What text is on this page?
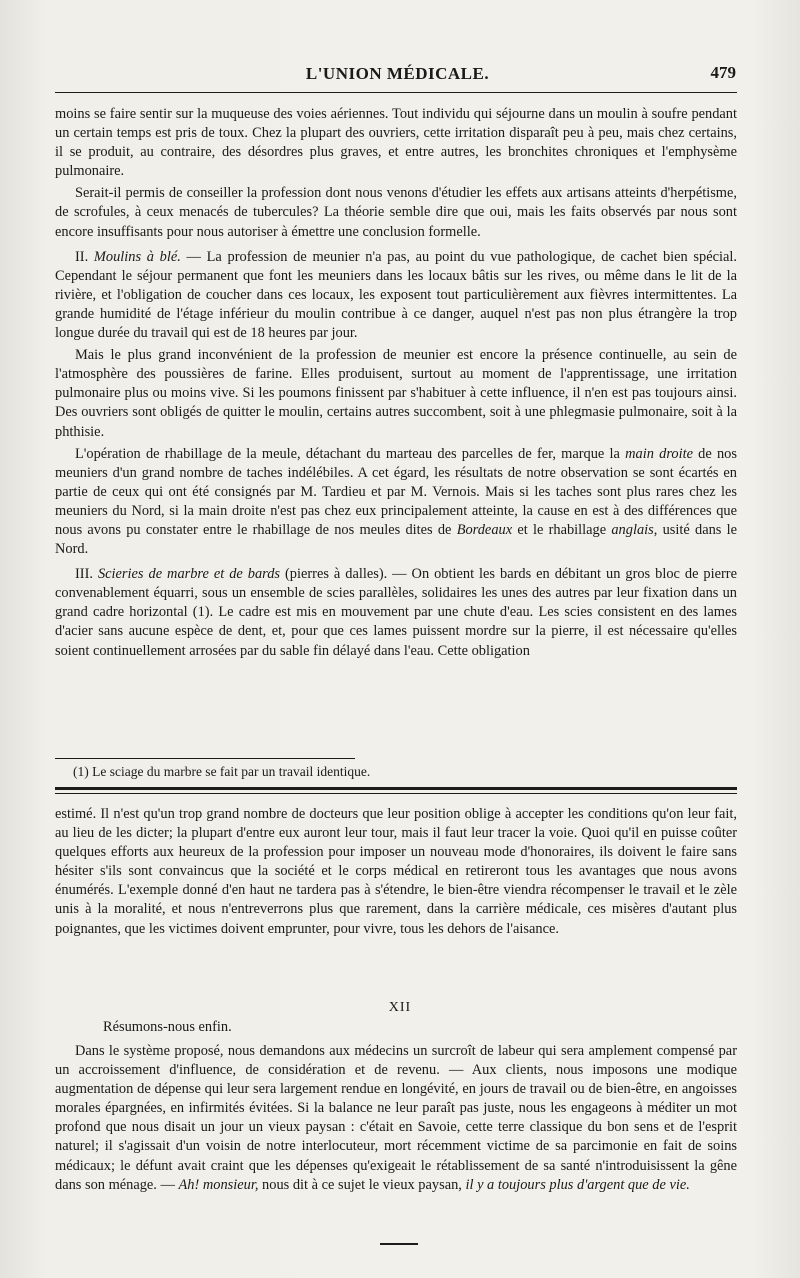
L'UNION MÉDICALE.	479

moins se faire sentir sur la muqueuse des voies aériennes. Tout individu qui séjourne dans un moulin à soufre pendant un certain temps est pris de toux. Chez la plupart des ouvriers, cette irritation disparaît peu à peu, mais chez certains, il se produit, au contraire, des désordres plus graves, et entre autres, les bronchites chroniques et l'emphysème pulmonaire.

Serait-il permis de conseiller la profession dont nous venons d'étudier les effets aux artisans atteints d'herpétisme, de scrofules, à ceux menacés de tubercules? La théorie semble dire que oui, mais les faits observés par nous sont encore insuffisants pour nous autoriser à émettre une conclusion formelle.

II. Moulins à blé. — La profession de meunier n'a pas, au point du vue pathologique, de cachet bien spécial. Cependant le séjour permanent que font les meuniers dans les locaux bâtis sur les rives, ou même dans le lit de la rivière, et l'obligation de coucher dans ces locaux, les exposent tout particulièrement aux fièvres intermittentes. La grande humidité de l'étage inférieur du moulin contribue à ce danger, auquel n'est pas non plus étrangère la trop longue durée du travail qui est de 18 heures par jour.

Mais le plus grand inconvénient de la profession de meunier est encore la présence continuelle, au sein de l'atmosphère des poussières de farine. Elles produisent, surtout au moment de l'apprentissage, une irritation pulmonaire plus ou moins vive. Si les poumons finissent par s'habituer à cette influence, il n'en est pas toujours ainsi. Des ouvriers sont obligés de quitter le moulin, certains autres succombent, soit à une phlegmasie pulmonaire, soit à la phthisie.

L'opération de rhabillage de la meule, détachant du marteau des parcelles de fer, marque la main droite de nos meuniers d'un grand nombre de taches indélébiles. A cet égard, les résultats de notre observation se sont écartés en partie de ceux qui ont été consignés par M. Tardieu et par M. Vernois. Mais si les taches sont plus rares chez les meuniers du Nord, si la main droite n'est pas chez eux principalement atteinte, la cause en est à des différences que nous avons pu constater entre le rhabillage de nos meules dites de Bordeaux et le rhabillage anglais, usité dans le Nord.

III. Scieries de marbre et de bards (pierres à dalles). — On obtient les bards en débitant un gros bloc de pierre convenablement équarri, sous un ensemble de scies parallèles, solidaires les unes des autres par leur fixation dans un grand cadre horizontal (1). Le cadre est mis en mouvement par une chute d'eau. Les scies consistent en des lames d'acier sans aucune espèce de dent, et, pour que ces lames puissent mordre sur la pierre, il est nécessaire qu'elles soient continuellement arrosées par du sable fin délayé dans l'eau. Cette obligation

(1) Le sciage du marbre se fait par un travail identique.

estimé. Il n'est qu'un trop grand nombre de docteurs que leur position oblige à accepter les conditions qu'on leur fait, au lieu de les dicter; la plupart d'entre eux auront leur tour, mais il faut leur tracer la voie. Quoi qu'il en puisse coûter quelques efforts aux heureux de la profession pour imposer un nouveau mode d'honoraires, ils doivent le faire sans hésiter s'ils sont convaincus que la société et le corps médical en retireront tous les avantages que nous avons énumérés. L'exemple donné d'en haut ne tardera pas à s'étendre, le bien-être viendra récompenser le travail et le zèle unis à la moralité, et nous n'entreverrons plus que rarement, dans la carrière médicale, ces misères d'autant plus poignantes, que les victimes doivent emprunter, pour vivre, tous les dehors de l'aisance.

XII
Résumons-nous enfin.

Dans le système proposé, nous demandons aux médecins un surcroît de labeur qui sera amplement compensé par un accroissement d'influence, de considération et de revenu. — Aux clients, nous imposons une modique augmentation de dépense qui leur sera largement rendue en longévité, en jours de travail ou de bien-être, en angoisses morales épargnées, en infirmités évitées. Si la balance ne leur paraît pas juste, nous les engageons à méditer un mot profond que nous disait un jour un vieux paysan : c'était en Savoie, cette terre classique du bon sens et de l'esprit naturel; il s'agissait d'un voisin de notre interlocuteur, mort récemment victime de sa parcimonie en fait de soins médicaux; le défunt avait craint que les dépenses qu'exigeait le rétablissement de sa santé n'introduisissent la gêne dans son ménage. — Ah! monsieur, nous dit à ce sujet le vieux paysan, il y a toujours plus d'argent que de vie.
